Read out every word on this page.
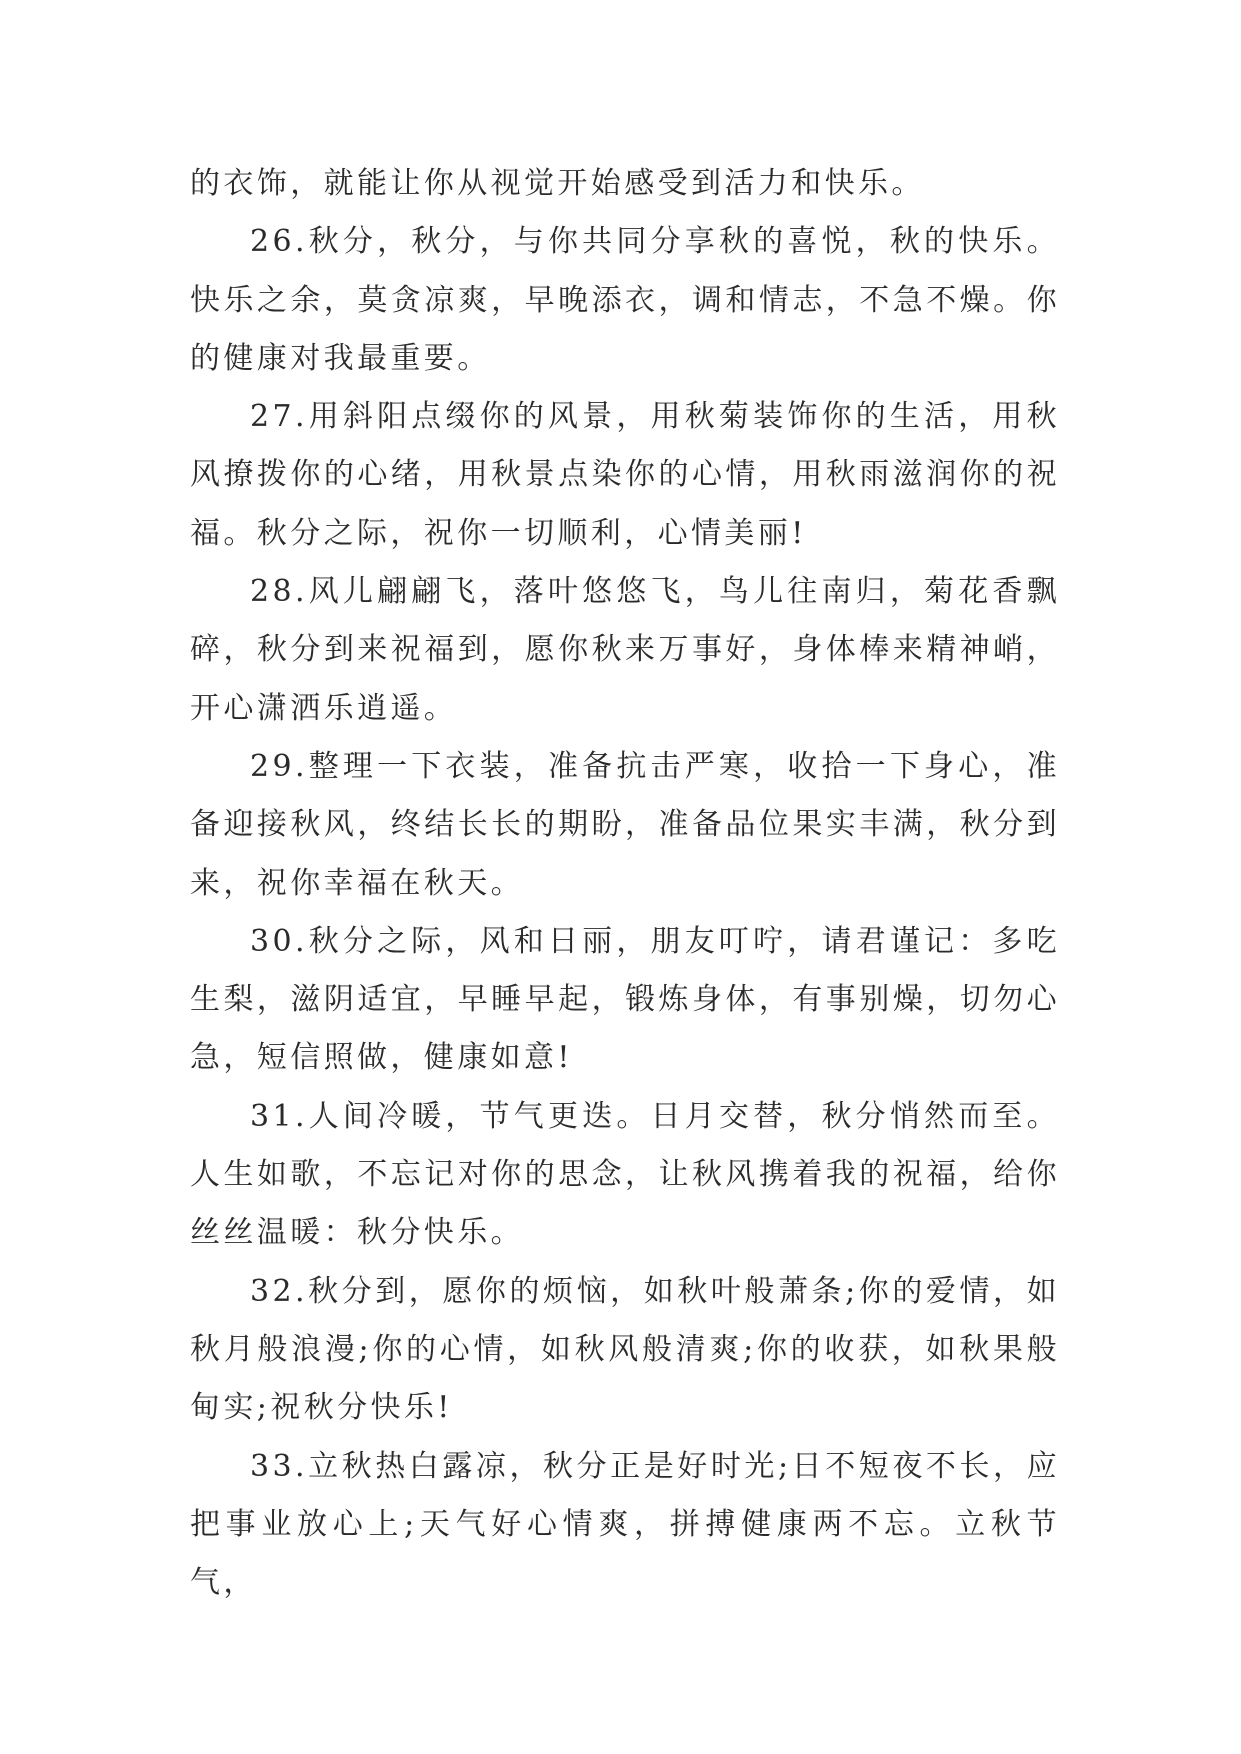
的衣饰，就能让你从视觉开始感受到活力和快乐。

26.秋分，秋分，与你共同分享秋的喜悦，秋的快乐。快乐之余，莫贪凉爽，早晚添衣，调和情志，不急不燥。你的健康对我最重要。

27.用斜阳点缀你的风景，用秋菊装饰你的生活，用秋风撩拨你的心绪，用秋景点染你的心情，用秋雨滋润你的祝福。秋分之际，祝你一切顺利，心情美丽!

28.风儿翩翩飞，落叶悠悠飞，鸟儿往南归，菊花香飘碎，秋分到来祝福到，愿你秋来万事好，身体棒来精神峭，开心潇洒乐逍遥。

29.整理一下衣装，准备抗击严寒，收拾一下身心，准备迎接秋风，终结长长的期盼，准备品位果实丰满，秋分到来，祝你幸福在秋天。

30.秋分之际，风和日丽，朋友叮咛，请君谨记：多吃生梨，滋阴适宜，早睡早起，锻炼身体，有事别燥，切勿心急，短信照做，健康如意!

31.人间冷暖，节气更迭。日月交替，秋分悄然而至。人生如歌，不忘记对你的思念，让秋风携着我的祝福，给你丝丝温暖：秋分快乐。

32.秋分到，愿你的烦恼，如秋叶般萧条;你的爱情，如秋月般浪漫;你的心情，如秋风般清爽;你的收获，如秋果般甸实;祝秋分快乐!

33.立秋热白露凉，秋分正是好时光;日不短夜不长，应把事业放心上;天气好心情爽，拼搏健康两不忘。立秋节气，
